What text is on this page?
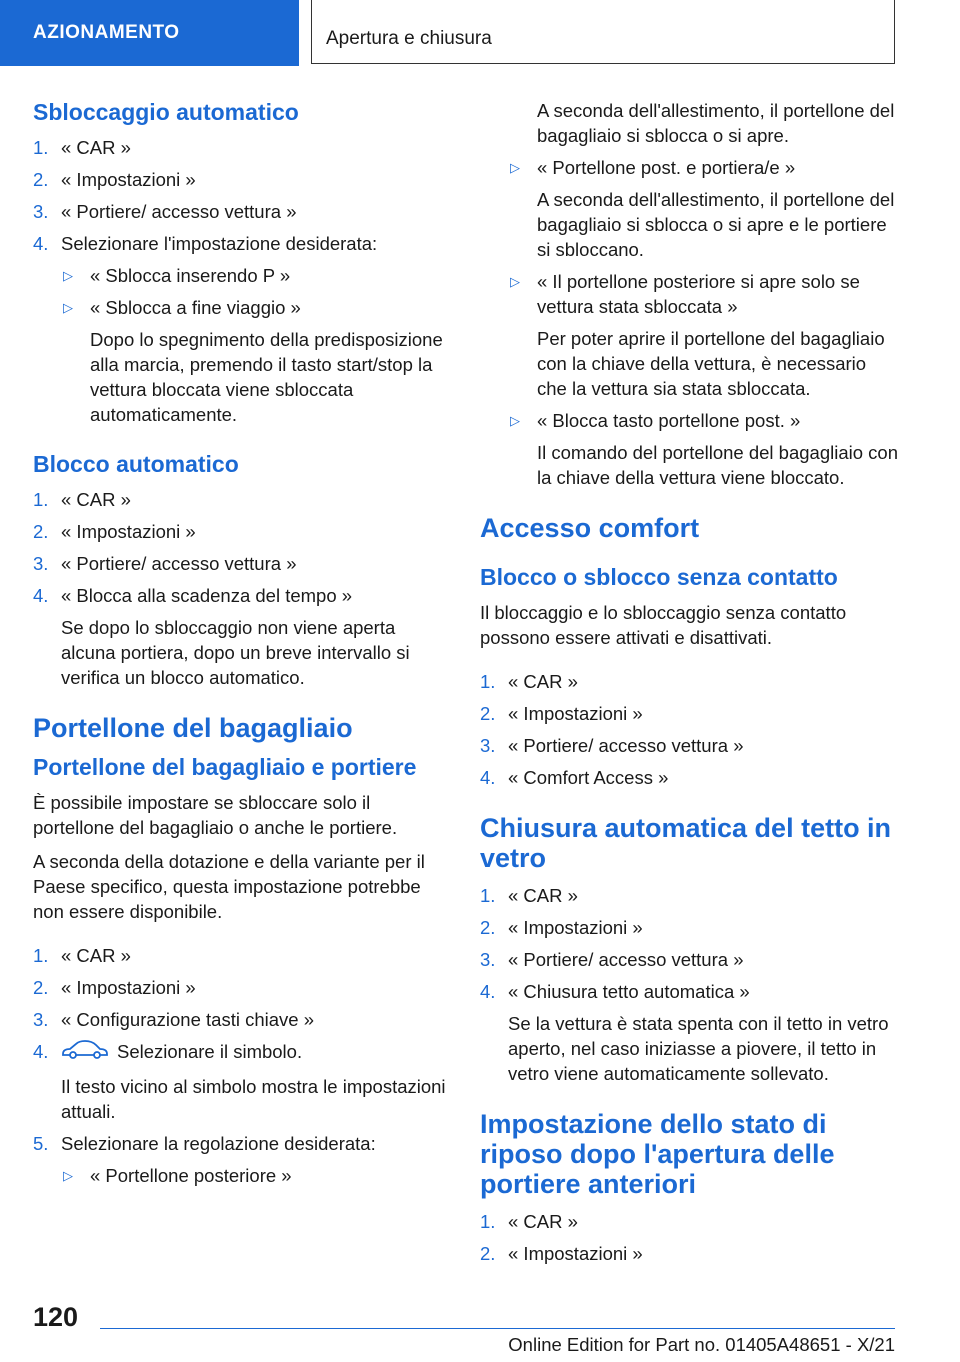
AZIONAMENTO	Apertura e chiusura
Sbloccaggio automatico
1. « CAR »
2. « Impostazioni »
3. « Portiere/ accesso vettura »
4. Selezionare l'impostazione desiderata:
▷ « Sblocca inserendo P »
▷ « Sblocca a fine viaggio »
Dopo lo spegnimento della predisposizione alla marcia, premendo il tasto start/stop la vettura bloccata viene sbloccata automaticamente.
Blocco automatico
1. « CAR »
2. « Impostazioni »
3. « Portiere/ accesso vettura »
4. « Blocca alla scadenza del tempo »
Se dopo lo sbloccaggio non viene aperta alcuna portiera, dopo un breve intervallo si verifica un blocco automatico.
Portellone del bagagliaio
Portellone del bagagliaio e portiere

È possibile impostare se sbloccare solo il portellone del bagagliaio o anche le portiere.

A seconda della dotazione e della variante per il Paese specifico, questa impostazione potrebbe non essere disponibile.

1. « CAR »
2. « Impostazioni »
3. « Configurazione tasti chiave »
4.	Selezionare il simbolo.
Il testo vicino al simbolo mostra le impostazioni attuali.
5. Selezionare la regolazione desiderata:
▷ « Portellone posteriore »
A seconda dell'allestimento, il portellone del bagagliaio si sblocca o si apre.
▷ « Portellone post. e portiera/e »
A seconda dell'allestimento, il portellone del bagagliaio si sblocca o si apre e le portiere si sbloccano.
▷ « Il portellone posteriore si apre solo se vettura stata sbloccata »
Per poter aprire il portellone del bagagliaio con la chiave della vettura, è necessario che la vettura sia stata sbloccata.
▷ « Blocca tasto portellone post. »
Il comando del portellone del bagagliaio con la chiave della vettura viene bloccato.
Accesso comfort
Blocco o sblocco senza contatto

Il bloccaggio e lo sbloccaggio senza contatto possono essere attivati e disattivati.

1. « CAR »
2. « Impostazioni »
3. « Portiere/ accesso vettura »
4. « Comfort Access »
Chiusura automatica del tetto in vetro
1. « CAR »
2. « Impostazioni »
3. « Portiere/ accesso vettura »
4. « Chiusura tetto automatica »
Se la vettura è stata spenta con il tetto in vetro aperto, nel caso iniziasse a piovere, il tetto in vetro viene automaticamente sollevato.
Impostazione dello stato di riposo dopo l'apertura delle portiere anteriori
1. « CAR »
2. « Impostazioni »
120
Online Edition for Part no. 01405A48651 - X/21
